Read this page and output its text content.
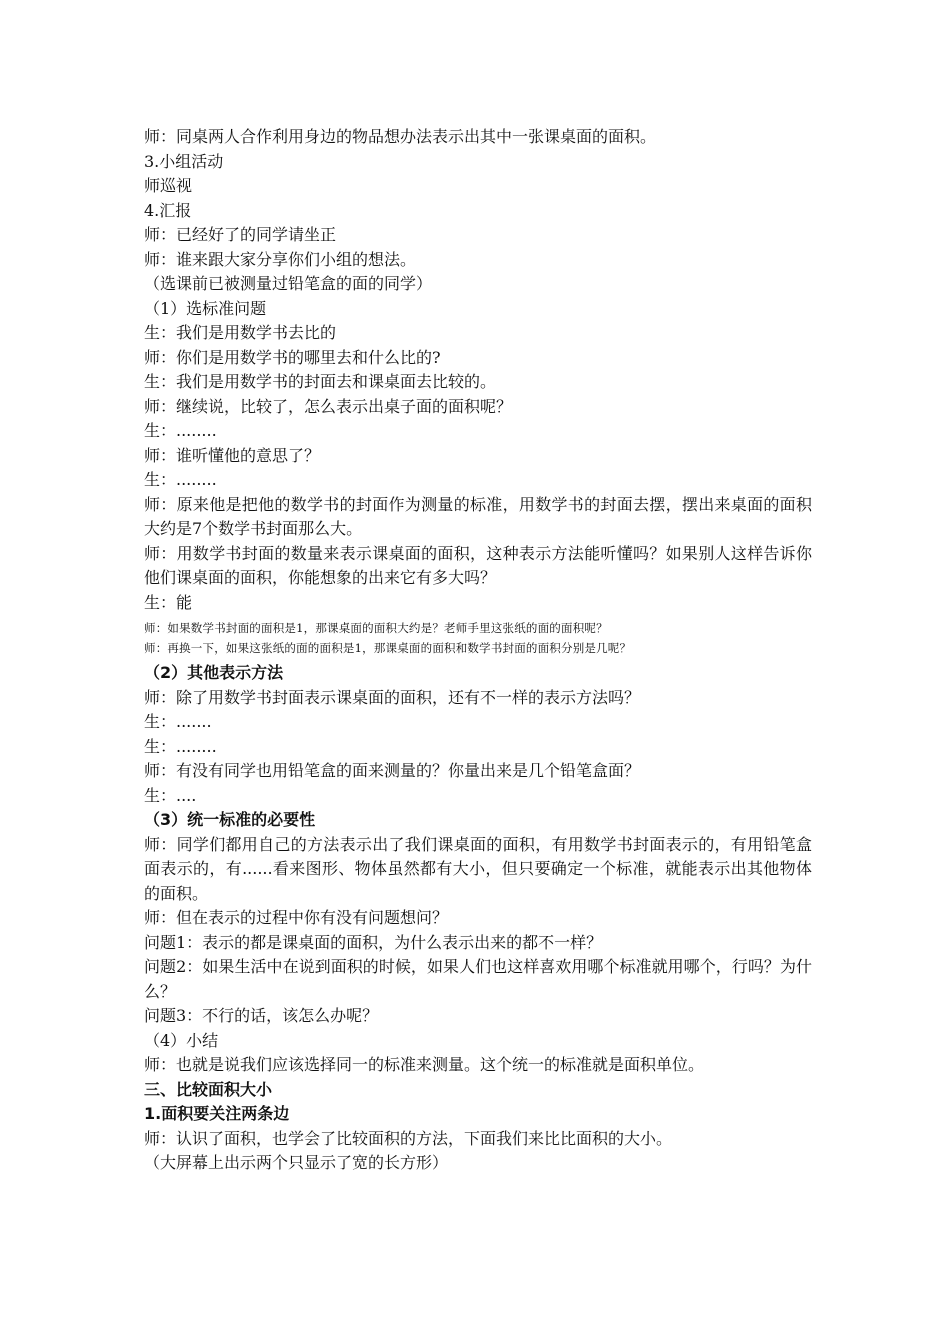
师：同桌两人合作利用身边的物品想办法表示出其中一张课桌面的面积。

3.小组活动

师巡视

4.汇报

师：已经好了的同学请坐正

师：谁来跟大家分享你们小组的想法。

（选课前已被测量过铅笔盒的面的同学）

（1）选标准问题

生：我们是用数学书去比的

师：你们是用数学书的哪里去和什么比的?

生：我们是用数学书的封面去和课桌面去比较的。

师：继续说，比较了，怎么表示出桌子面的面积呢？

生：........

师：谁听懂他的意思了？

生：........

师：原来他是把他的数学书的封面作为测量的标准，用数学书的封面去摆，摆出来桌面的面积大约是7个数学书封面那么大。

师：用数学书封面的数量来表示课桌面的面积，这种表示方法能听懂吗？如果别人这样告诉你他们课桌面的面积，你能想象的出来它有多大吗？

生：能

师：如果数学书封面的面积是1，那课桌面的面积大约是？老师手里这张纸的面的面积呢？

师：再换一下，如果这张纸的面的面积是1，那课桌面的面积和数学书封面的面积分别是几呢？

（2）其他表示方法

师：除了用数学书封面表示课桌面的面积，还有不一样的表示方法吗？

生：.......

生：........

师：有没有同学也用铅笔盒的面来测量的？你量出来是几个铅笔盒面？

生：....

（3）统一标准的必要性

师：同学们都用自己的方法表示出了我们课桌面的面积，有用数学书封面表示的，有用铅笔盒面表示的，有......看来图形、物体虽然都有大小，但只要确定一个标准，就能表示出其他物体的面积。

师：但在表示的过程中你有没有问题想问？

问题1：表示的都是课桌面的面积，为什么表示出来的都不一样？

问题2：如果生活中在说到面积的时候，如果人们也这样喜欢用哪个标准就用哪个，行吗？为什么？

问题3：不行的话，该怎么办呢？

（4）小结

师：也就是说我们应该选择同一的标准来测量。这个统一的标准就是面积单位。

三、比较面积大小

1.面积要关注两条边

师：认识了面积，也学会了比较面积的方法，下面我们来比比面积的大小。

（大屏幕上出示两个只显示了宽的长方形）
